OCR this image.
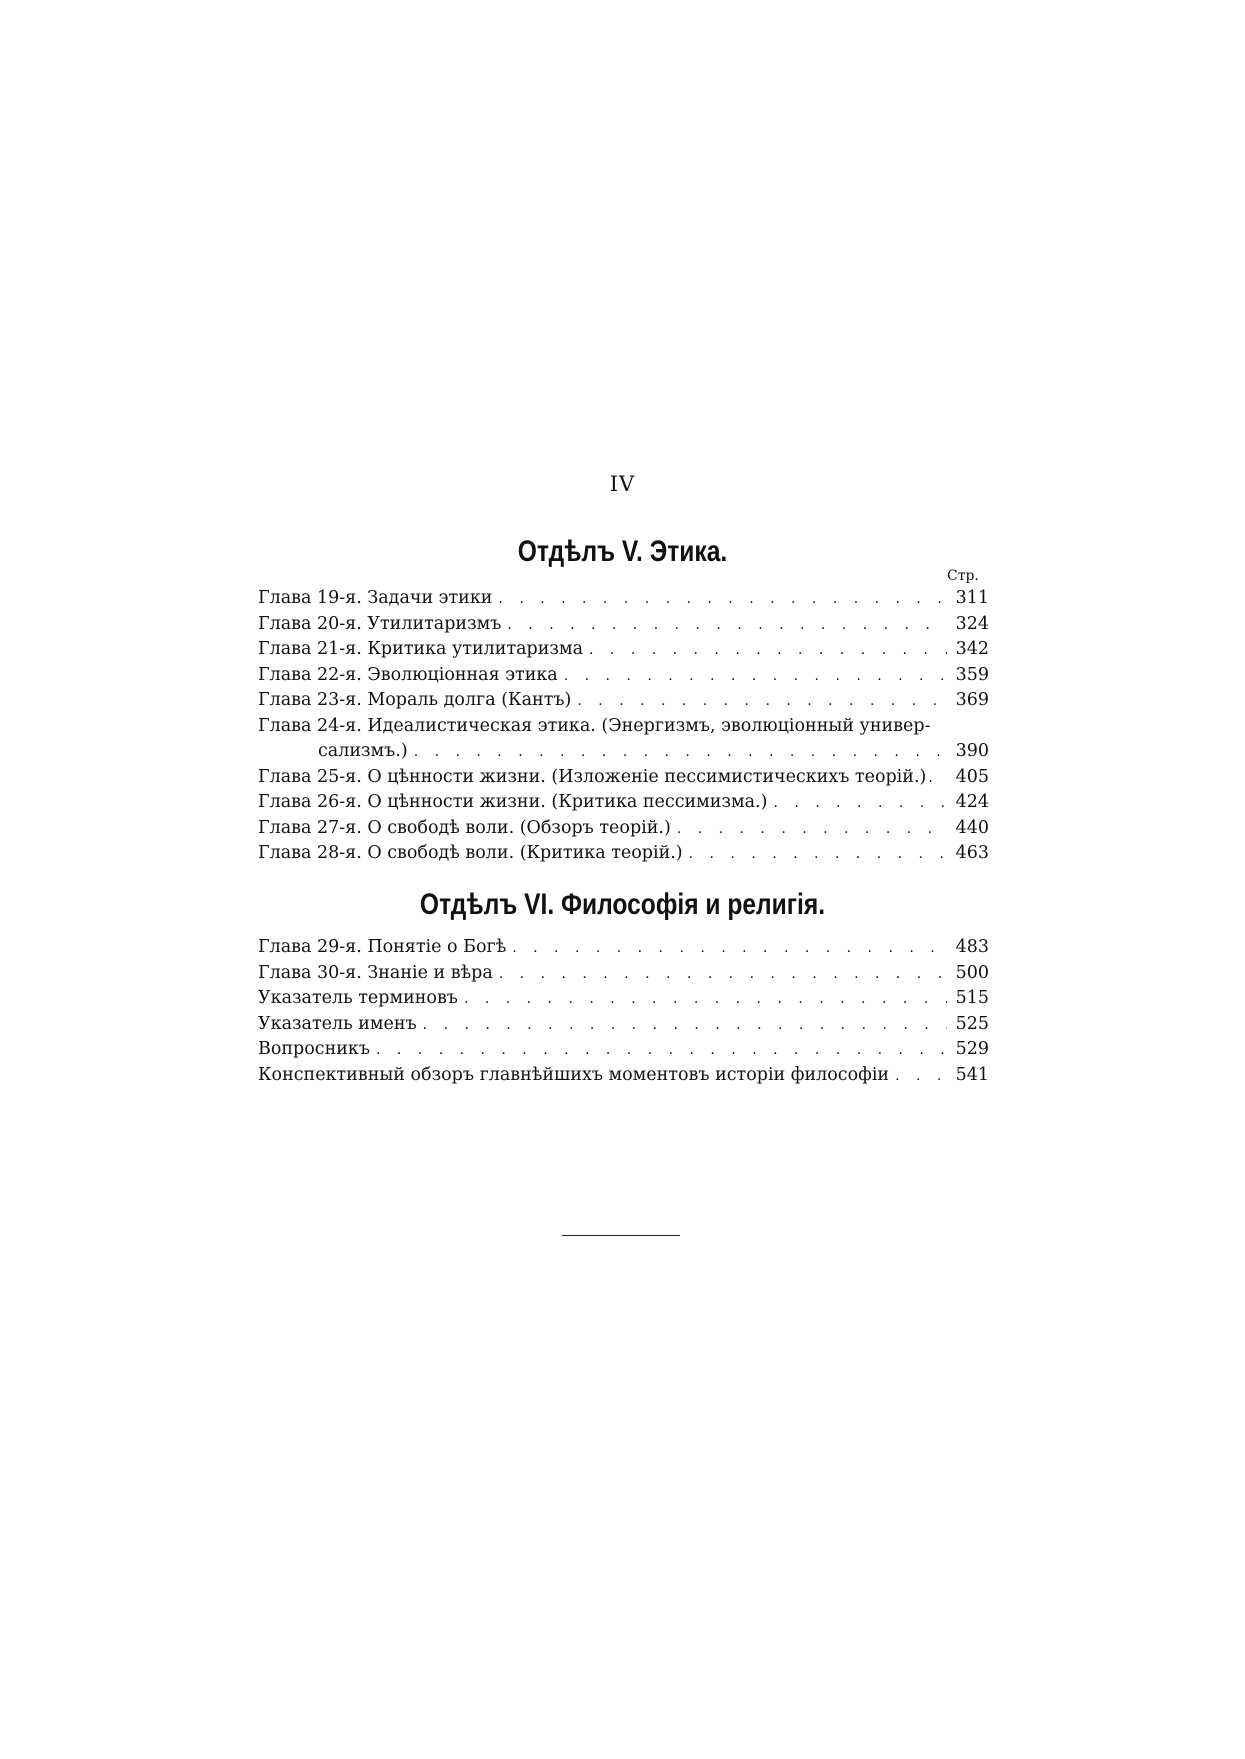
IV
Отдѣлъ V. Этика.
Стр.
Глава 19-я. Задачи этики . . .	311
Глава 20-я. Утилитаризмъ . . .	324
Глава 21-я. Критика утилитаризма . . .	342
Глава 22-я. Эволюціонная этика . . .	359
Глава 23-я. Мораль долга (Кантъ) . . .	369
Глава 24-я. Идеалистическая этика. (Энергизмъ, эволюціонный универ-
сализмъ.) . . .	390
Глава 25-я. О цѣнности жизни. (Изложеніе пессимистическихъ теорій.) . . . 405
Глава 26-я. О цѣнности жизни. (Критика пессимизма.) . . .	424
Глава 27-я. О свободѣ воли. (Обзоръ теорій.) . . .	440
Глава 28-я. О свободѣ воли. (Критика теорій.) . . .	463
Отдѣлъ VI. Философія и религія.
Глава 29-я. Понятіе о Богѣ . . .	483
Глава 30-я. Знаніе и вѣра . . .	500
Указатель терминовъ . . .	515
Указатель именъ . . .	525
Вопросникъ . . .	529
Конспективный обзоръ главнѣйшихъ моментовъ исторіи философіи . . .	541
